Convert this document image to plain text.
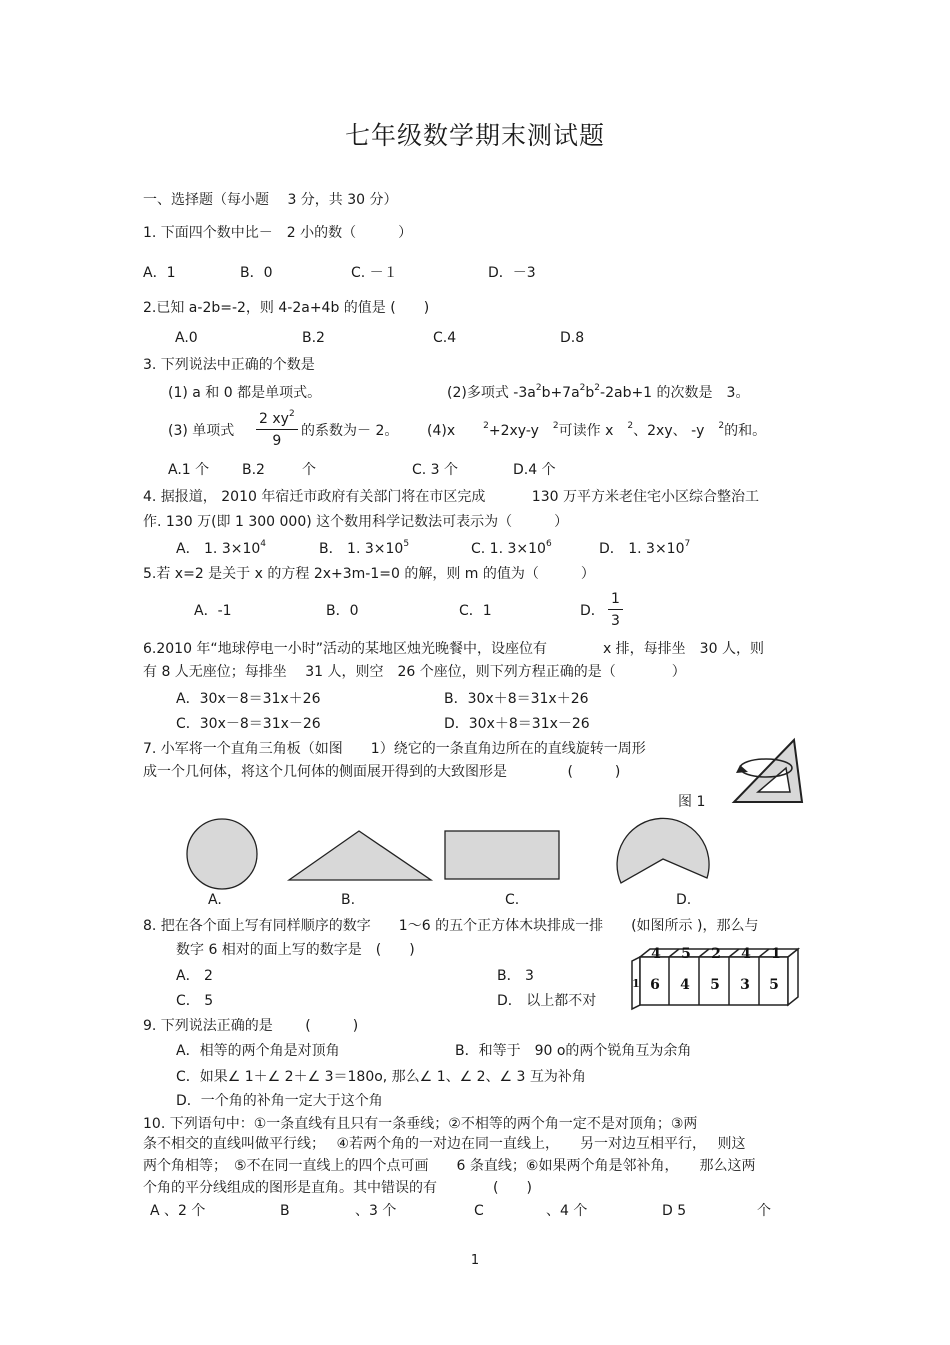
七年级数学期末测试题
一、选择题（每小题　 3 分，共 30 分）
1. 下面四个数中比－　2 小的数（　　　）
A．1	B．0	C. －１	D．－3
2.已知 a-2b=-2，则 4-2a+4b 的值是 (　　)
A.0	B.2	C.4	D.8
3. 下列说法中正确的个数是
(1) a 和 0 都是单项式。	(2)多项式 $-3a^2b+7a^2b^2-2ab+1$ 的次数是　3。
(3) 单项式 $\frac{2 xy^2}{9}$ 的系数为－ 2。 (4)x　　	$^2$+2xy-y　 $^2$可读作 x　 $^2$、2xy、 -y　 $^2$的和。
A.1 个 B.2	个	C. 3 个	D.4 个
4. 据报道， 2010 年宿迁市政府有关部门将在市区完成　　　 130 万平方米老住宅小区综合整治工
作. 130 万(即 1 300 000) 这个数用科学记数法可表示为（　　　）
A． 1. $3\times 10^4$	B． 1. $3\times 10^5$	C. 1. $3\times 10^6$	D． 1. $3\times 10^7$
5.若 x=2 是关于 x 的方程 2x+3m-1=0 的解，则 m 的值为（　　　）
A．-1	B．0	C．1	D． $\frac{1}{3}$
6.2010 年“地球停电一小时”活动的某地区烛光晚餐中，设座位有　　　　x 排，每排坐　30 人，则
有 8 人无座位；每排坐　 31 人，则空　26 个座位，则下列方程正确的是（　　　　）
A．30x－8＝31x＋26	B．30x＋8＝31x＋26
C．30x－8＝31x－26	D．30x＋8＝31x－26
7. 小军将一个直角三角板（如图　　1）绕它的一条直角边所在的直线旋转一周形
成一个几何体，将这个几何体的侧面展开得到的大致图形是　　　　 (　　　)
图 1
A.	B.	C.	D.
8. 把在各个面上写有同样顺序的数字　　1～6 的五个正方体木块排成一排　　(如图所示 )，那么与
数字 6 相对的面上写的数字是　(　　)
A． 2	B． 3
C． 5	D． 以上都不对
4 5 2 4 1
6 4 5 3 5
1
9. 下列说法正确的是　　 (　　　)
A．相等的两个角是对顶角	B．和等于　90 o的两个锐角互为余角
C．如果∠ 1＋∠ 2＋∠ 3＝180o, 那么∠ 1、∠ 2、∠ 3 互为补角
D．一个角的补角一定大于这个角
10. 下列语句中：①一条直线有且只有一条垂线；②不相等的两个角一定不是对顶角；③两
条不相交的直线叫做平行线；　 ④若两个角的一对边在同一直线上，　　另一对边互相平行，　 则这
两个角相等；　⑤不在同一直线上的四个点可画　　6 条直线；⑥如果两个角是邻补角，　　那么这两
个角的平分线组成的图形是直角。其中错误的有　　　　(　　)
A 、2 个	B	、3 个	C	、4 个	D 5	个
1
